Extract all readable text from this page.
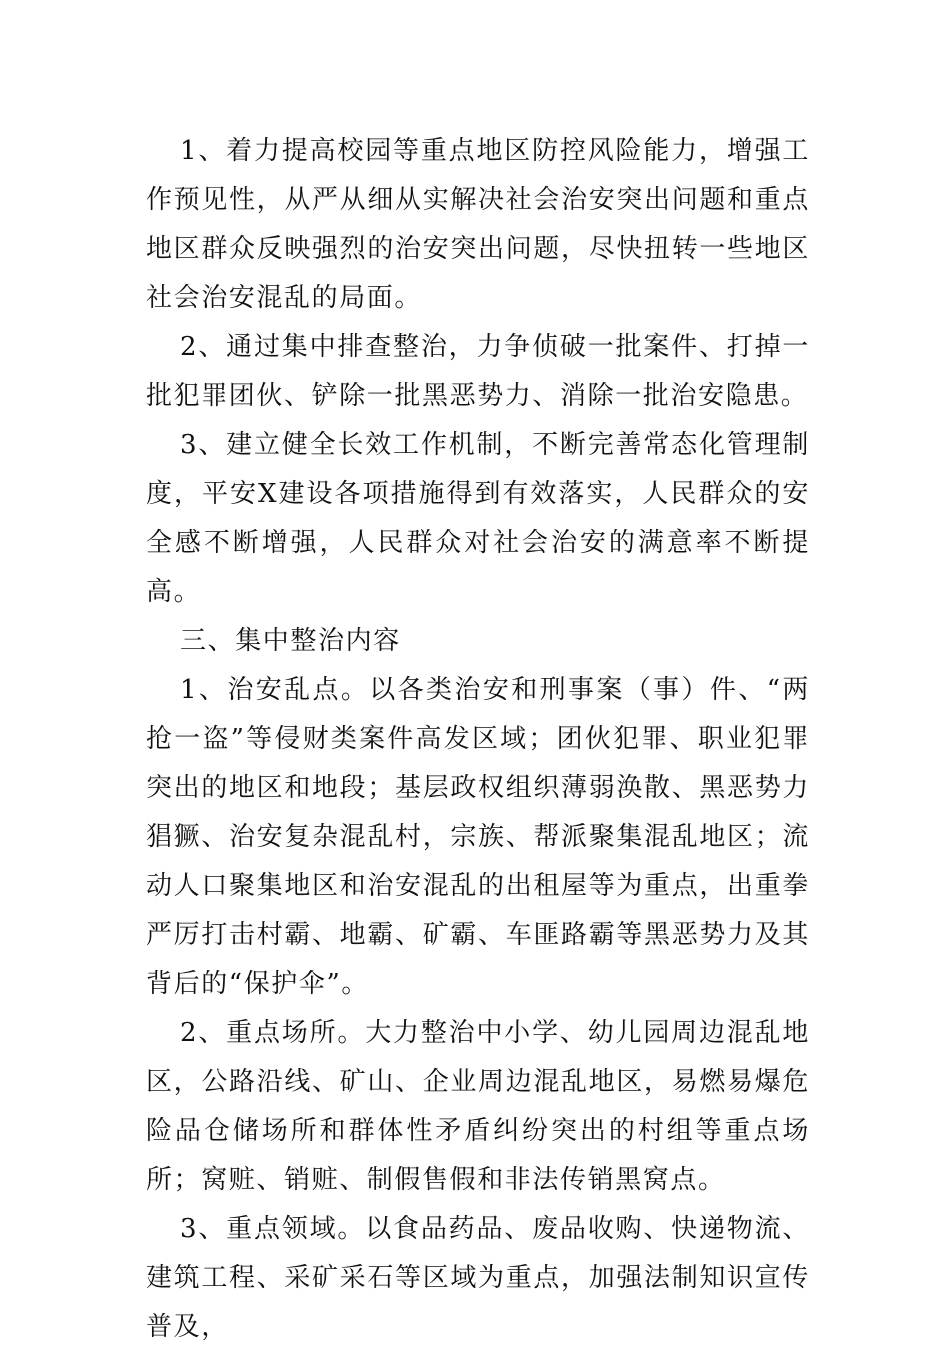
1、着力提高校园等重点地区防控风险能力，增强工作预见性，从严从细从实解决社会治安突出问题和重点地区群众反映强烈的治安突出问题，尽快扭转一些地区社会治安混乱的局面。

2、通过集中排查整治，力争侦破一批案件、打掉一批犯罪团伙、铲除一批黑恶势力、消除一批治安隐患。

3、建立健全长效工作机制，不断完善常态化管理制度，平安X建设各项措施得到有效落实，人民群众的安全感不断增强，人民群众对社会治安的满意率不断提高。

三、集中整治内容

1、治安乱点。以各类治安和刑事案（事）件、“两抢一盗”等侵财类案件高发区域；团伙犯罪、职业犯罪突出的地区和地段；基层政权组织薄弱涣散、黑恶势力猖獗、治安复杂混乱村，宗族、帮派聚集混乱地区；流动人口聚集地区和治安混乱的出租屋等为重点，出重拳严厉打击村霸、地霸、矿霸、车匪路霸等黑恶势力及其背后的“保护伞”。

2、重点场所。大力整治中小学、幼儿园周边混乱地区，公路沿线、矿山、企业周边混乱地区，易燃易爆危险品仓储场所和群体性矛盾纠纷突出的村组等重点场所；窝赃、销赃、制假售假和非法传销黑窝点。

3、重点领域。以食品药品、废品收购、快递物流、建筑工程、采矿采石等区域为重点，加强法制知识宣传普及，
